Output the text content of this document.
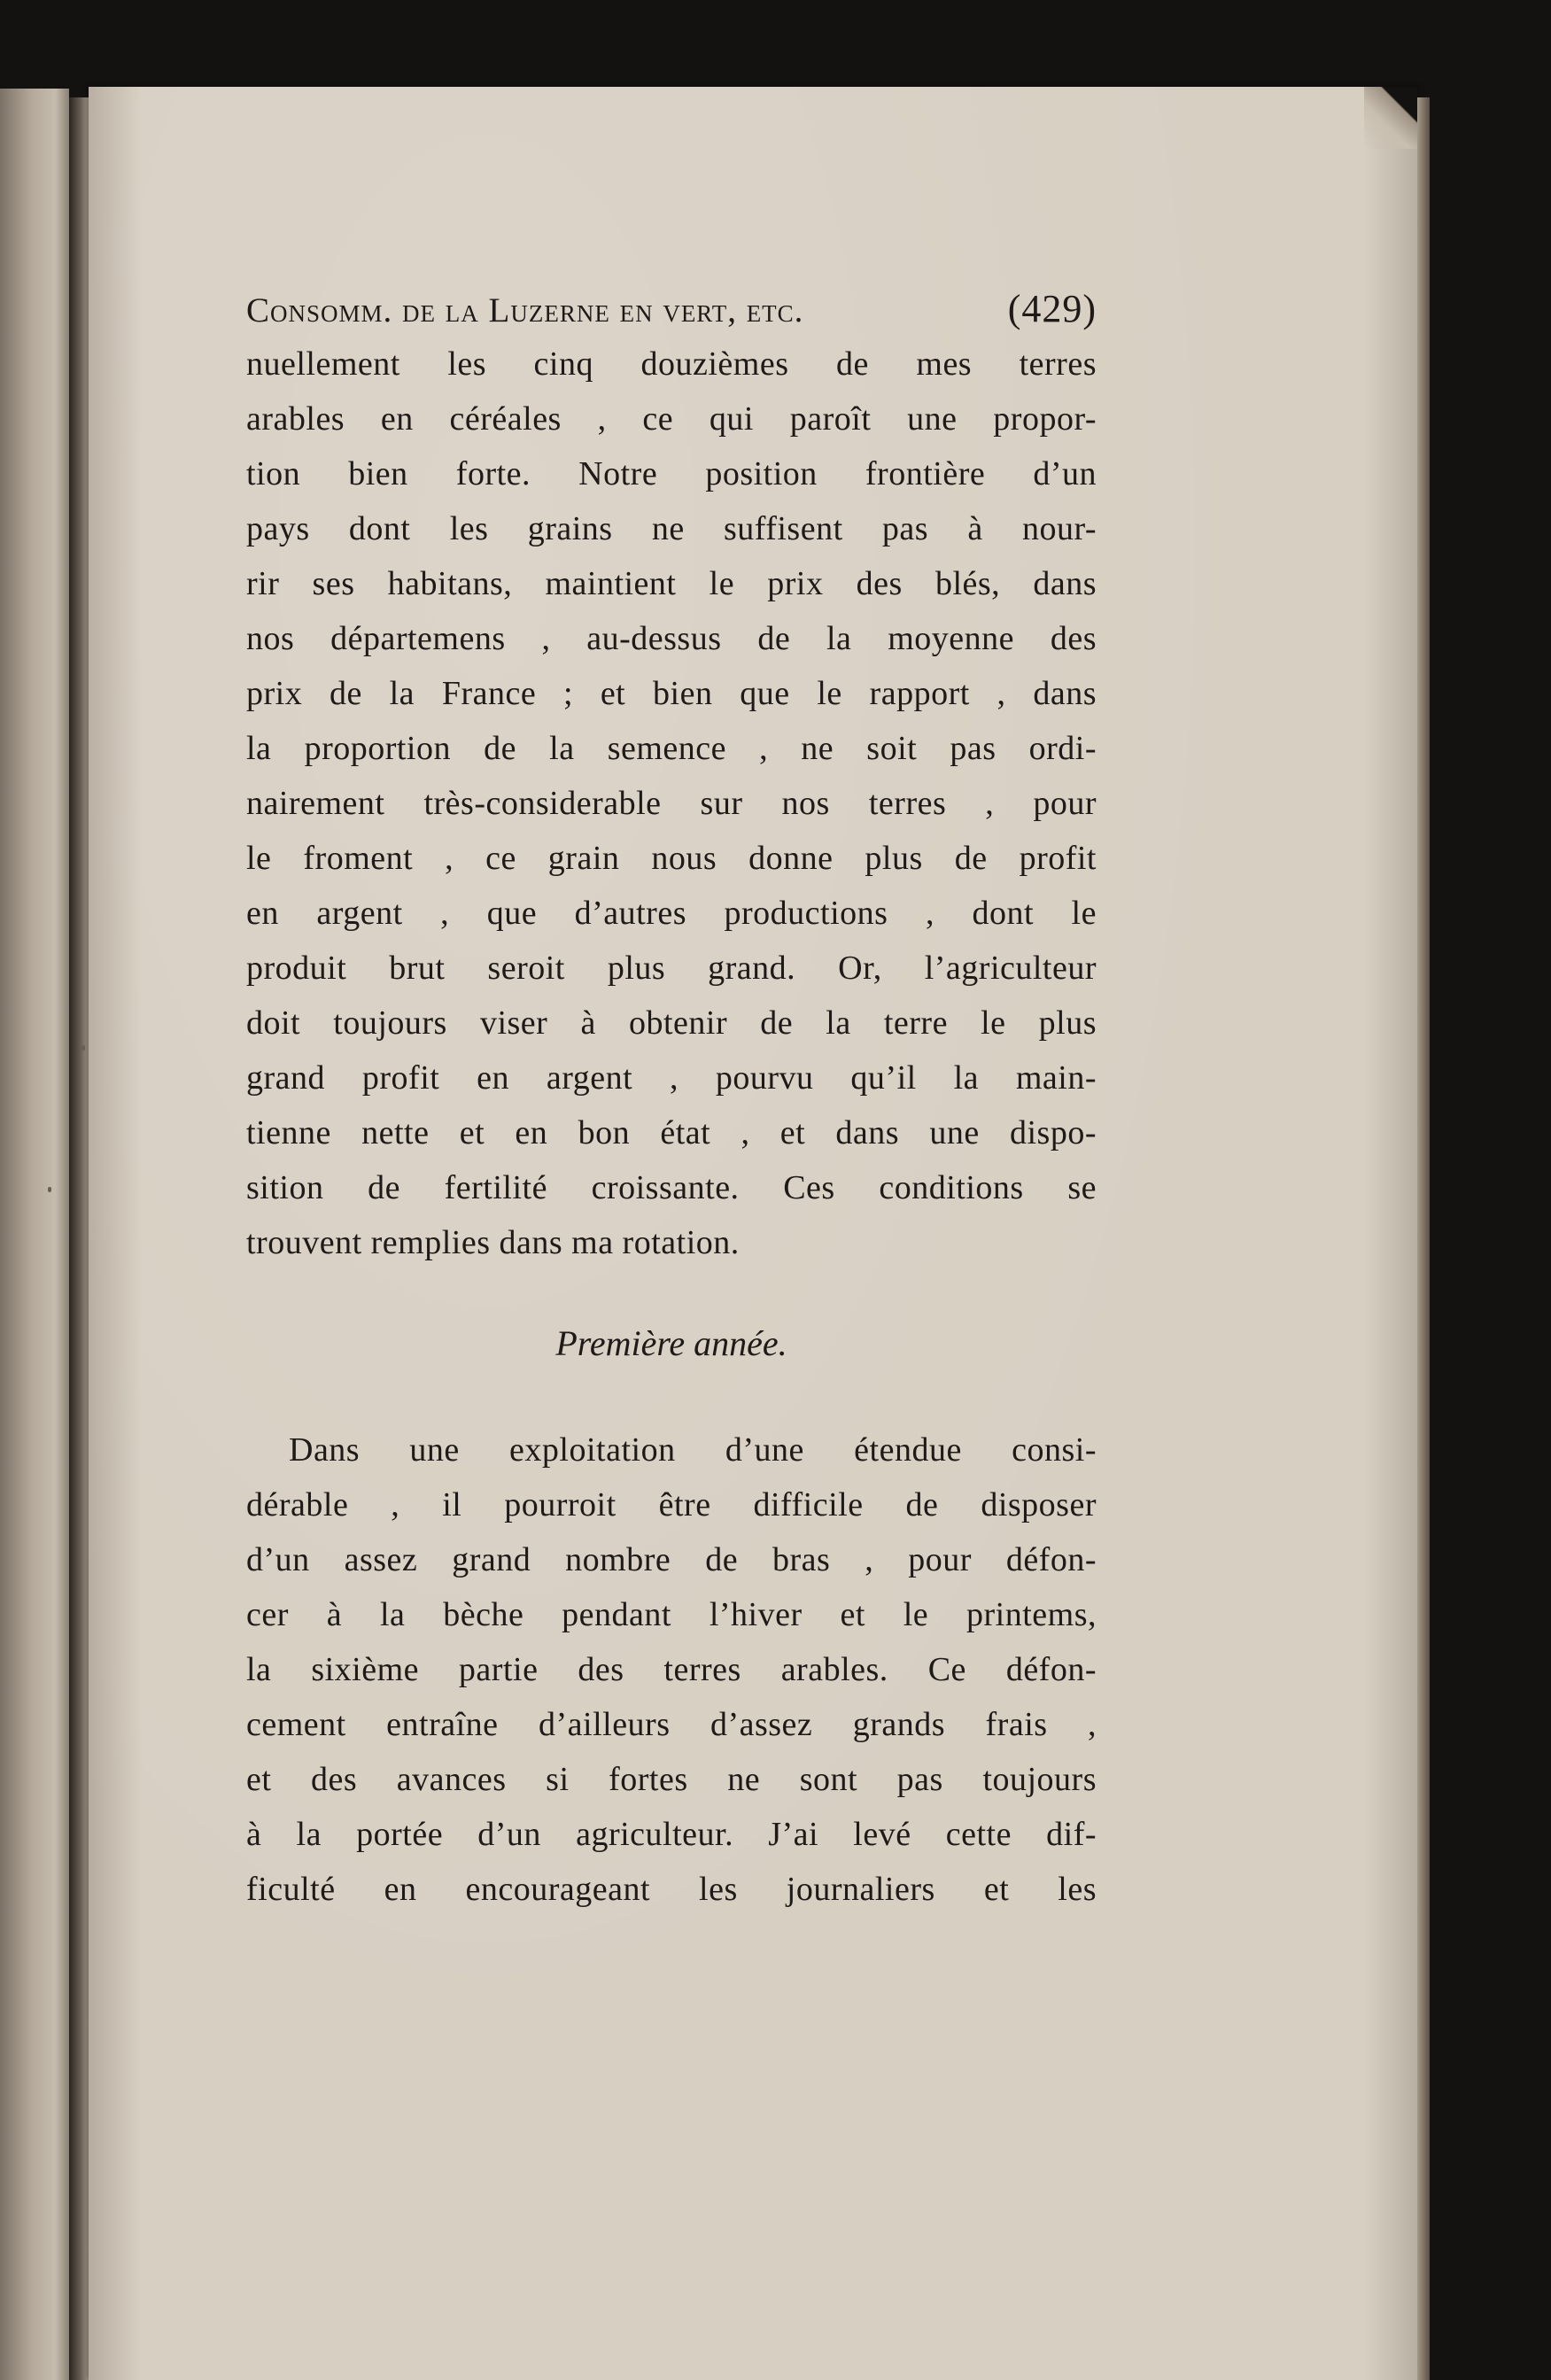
Consomm. de la Luzerne en vert, etc.	(429)
nuellement les cinq douzièmes de mes terres
arables en céréales , ce qui paroît une propor-
tion bien forte. Notre position frontière d’un
pays dont les grains ne suffisent pas à nour-
rir ses habitans, maintient le prix des blés, dans
nos départemens , au-dessus de la moyenne des
prix de la France ; et bien que le rapport , dans
la proportion de la semence , ne soit pas ordi-
nairement très-considerable sur nos terres , pour
le froment , ce grain nous donne plus de profit
en argent , que d’autres productions , dont le
produit brut seroit plus grand. Or, l’agriculteur
doit toujours viser à obtenir de la terre le plus
grand profit en argent , pourvu qu’il la main-
tienne nette et en bon état , et dans une dispo-
sition de fertilité croissante. Ces conditions se
trouvent remplies dans ma rotation.
Première année.
Dans une exploitation d’une étendue consi-
dérable , il pourroit être difficile de disposer
d’un assez grand nombre de bras , pour défon-
cer à la bèche pendant l’hiver et le printems,
la sixième partie des terres arables. Ce défon-
cement entraîne d’ailleurs d’assez grands frais ,
et des avances si fortes ne sont pas toujours
à la portée d’un agriculteur. J’ai levé cette dif-
ficulté en encourageant les journaliers et les
